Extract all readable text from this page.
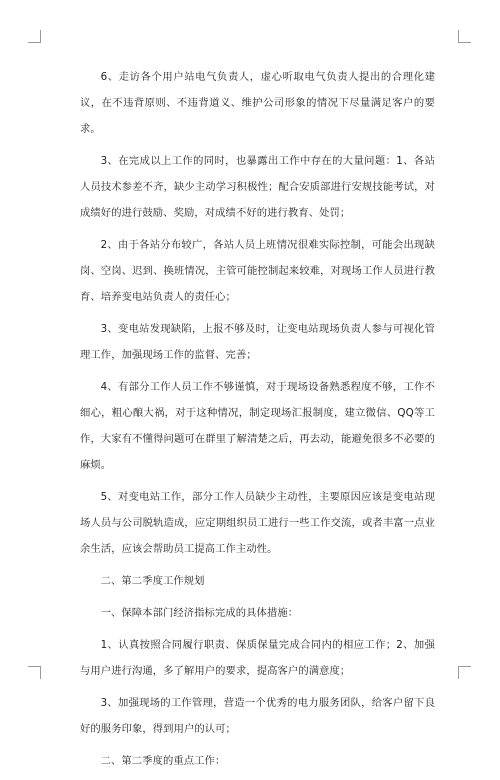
6、走访各个用户站电气负责人，虚心听取电气负责人提出的合理化建议，在不违背原则、不违背道义、维护公司形象的情况下尽量满足客户的要求。

3、在完成以上工作的同时，也暴露出工作中存在的大量问题：1、各站人员技术参差不齐，缺少主动学习积极性；配合安质部进行安规技能考试，对成绩好的进行鼓励、奖励，对成绩不好的进行教育、处罚；

2、由于各站分布较广，各站人员上班情况很难实际控制，可能会出现缺岗、空岗、迟到、换班情况，主管可能控制起来较难，对现场工作人员进行教育、培养变电站负责人的责任心；

3、变电站发现缺陷，上报不够及时，让变电站现场负责人参与可视化管理工作，加强现场工作的监督、完善；

4、有部分工作人员工作不够谨慎，对于现场设备熟悉程度不够，工作不细心，粗心酿大祸，对于这种情况，制定现场汇报制度，建立微信、QQ等工作，大家有不懂得问题可在群里了解清楚之后，再去动，能避免很多不必要的麻烦。

5、对变电站工作，部分工作人员缺少主动性，主要原因应该是变电站现场人员与公司脱轨造成，应定期组织员工进行一些工作交流，或者丰富一点业余生活，应该会帮助员工提高工作主动性。

二、第二季度工作规划

一、保障本部门经济指标完成的具体措施：

1、认真按照合同履行职责、保质保量完成合同内的相应工作；2、加强与用户进行沟通，多了解用户的要求，提高客户的满意度；

3、加强现场的工作管理，营造一个优秀的电力服务团队，给客户留下良好的服务印象，得到用户的认可；

二、第二季度的重点工作：
